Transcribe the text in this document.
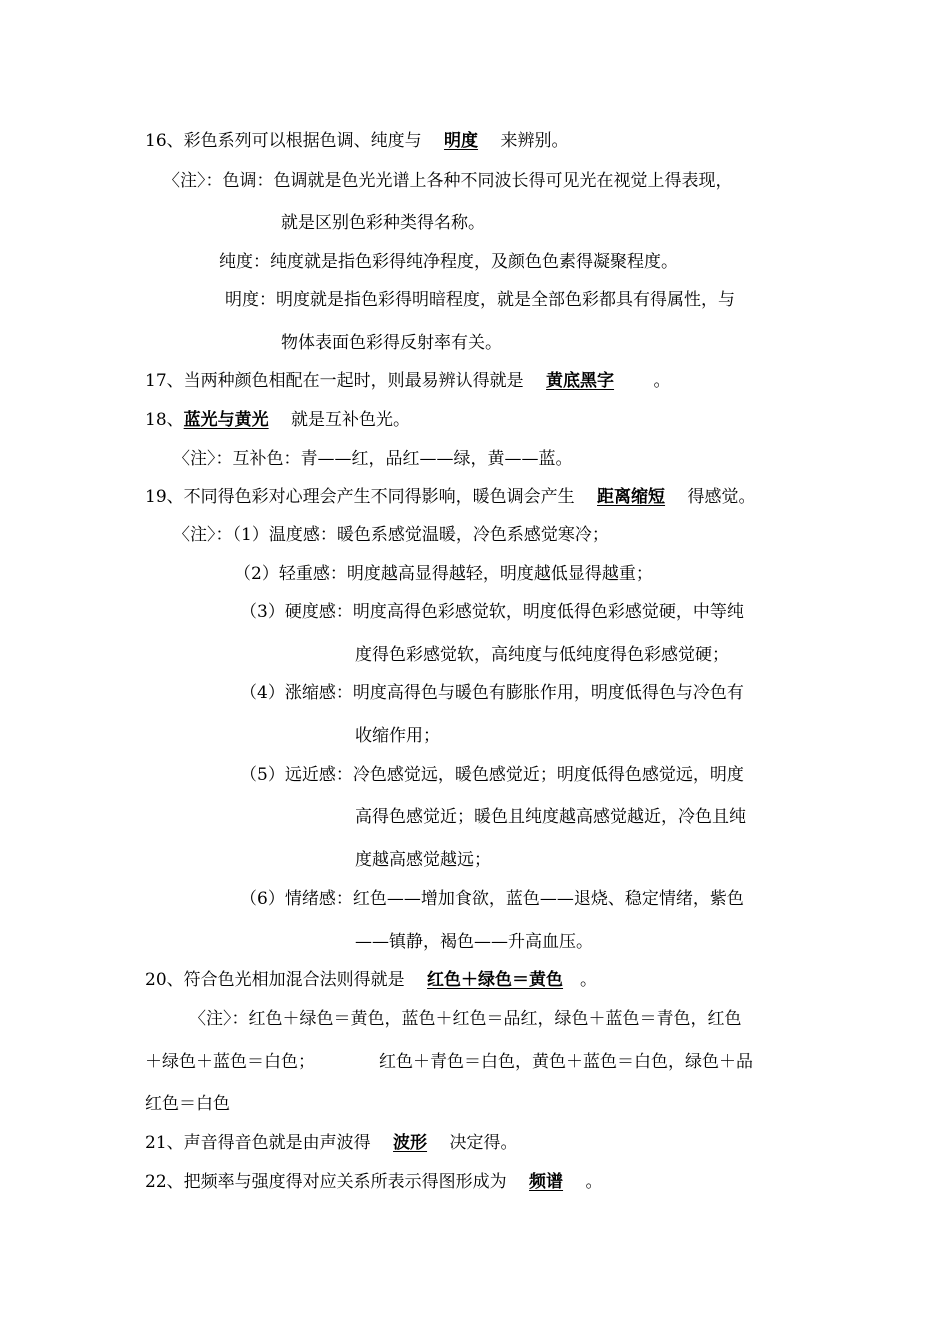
16、彩色系列可以根据色调、纯度与　 明度　 来辨别。
〈注〉：色调：色调就是色光光谱上各种不同波长得可见光在视觉上得表现，
就是区别色彩种类得名称。
纯度：纯度就是指色彩得纯净程度，及颜色色素得凝聚程度。
明度：明度就是指色彩得明暗程度，就是全部色彩都具有得属性，与
物体表面色彩得反射率有关。
17、当两种颜色相配在一起时，则最易辨认得就是　 黄底黑字　　 。
18、蓝光与黄光　 就是互补色光。
〈注〉：互补色：青——红，品红——绿，黄——蓝。
19、不同得色彩对心理会产生不同得影响，暖色调会产生　 距离缩短　 得感觉。
〈注〉：（1）温度感：暖色系感觉温暖，冷色系感觉寒冷；
（2）轻重感：明度越高显得越轻，明度越低显得越重；
（3）硬度感：明度高得色彩感觉软，明度低得色彩感觉硬，中等纯
度得色彩感觉软，高纯度与低纯度得色彩感觉硬；
（4）涨缩感：明度高得色与暖色有膨胀作用，明度低得色与冷色有
收缩作用；
（5）远近感：冷色感觉远，暖色感觉近；明度低得色感觉远，明度
高得色感觉近；暖色且纯度越高感觉越近，冷色且纯
度越高感觉越远；
（6）情绪感：红色——增加食欲，蓝色——退烧、稳定情绪，紫色
——镇静，褐色——升高血压。
20、符合色光相加混合法则得就是　 红色＋绿色＝黄色　 。
〈注〉：红色＋绿色＝黄色，蓝色＋红色＝品红，绿色＋蓝色＝青色，红色
＋绿色＋蓝色＝白色；	红色＋青色＝白色，黄色＋蓝色＝白色，绿色＋品
红色＝白色
21、声音得音色就是由声波得　 波形　 决定得。
22、把频率与强度得对应关系所表示得图形成为　 频谱　 。
